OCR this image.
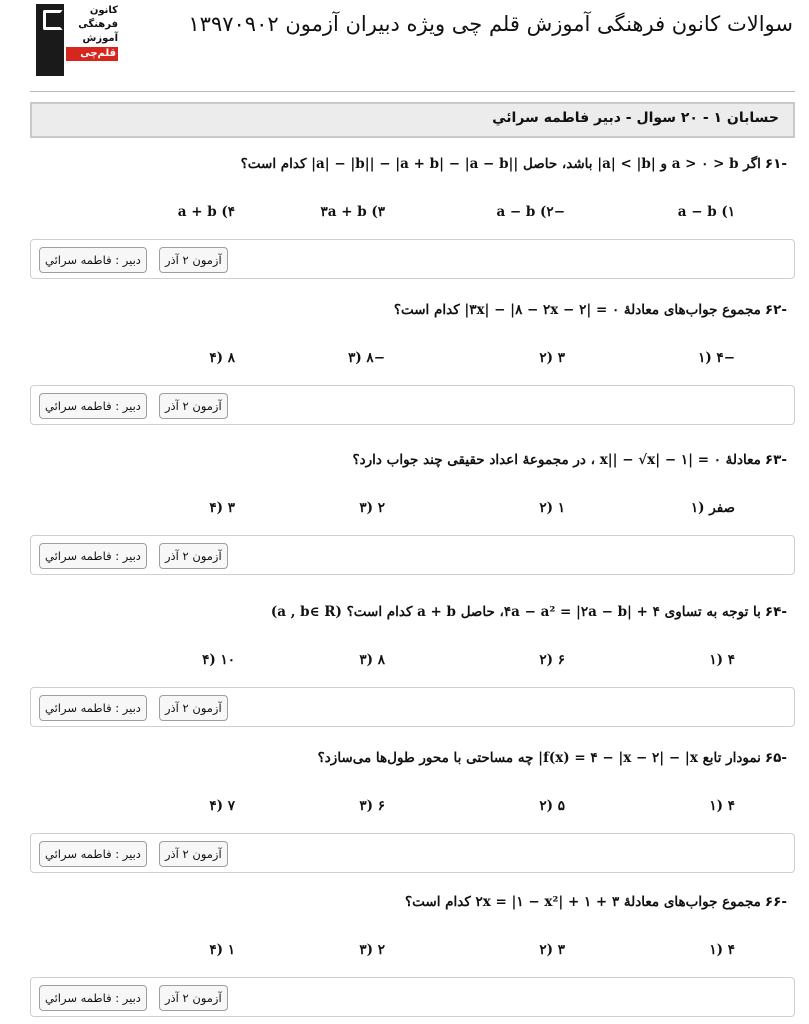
کانون
فرهنگی
آموزش
قلم‌چی
سوالات کانون فرهنگی آموزش قلم چی ویژه دبیران آزمون ۱۳۹۷۰۹۰۲
حسابان ۱ - ۲۰ سوال - دبیر فاطمه سرائي
-۶۱اگر a > ۰ > b و |a| < |b| باشد، حاصل ||a| − |b|| − |a + b| − |a − b| کدام است؟
a − b (۱
−a − b (۲
۳a + b (۳
a + b (۴
دبیر : فاطمه سرائي	آزمون ۲ آذر
-۶۲مجموع جواب‌های معادلهٔ ۰ = |۲ − ۳x| − |۸ − ۲x| کدام است؟
−۴ (۱
۳ (۲
−۸ (۳
۸ (۴
دبیر : فاطمه سرائي	آزمون ۲ آذر
-۶۳معادلهٔ ۰ = |۱ − |x|| − √x ، در مجموعهٔ اعداد حقیقی چند جواب دارد؟
صفر (۱
۱ (۲
۲ (۳
۳ (۴
دبیر : فاطمه سرائي	آزمون ۲ آذر
-۶۴با توجه به تساوی ۴a − a² = |۲a − b| + ۴، حاصل a + b کدام است؟ (a , b∈ R)
۴ (۱
۶ (۲
۸ (۳
۱۰ (۴
دبیر : فاطمه سرائي	آزمون ۲ آذر
-۶۵نمودار تابع f(x) = ۴ − |x − ۲| − |x| چه مساحتی با محور طول‌ها می‌سازد؟
۴ (۱
۵ (۲
۶ (۳
۷ (۴
دبیر : فاطمه سرائي	آزمون ۲ آذر
-۶۶مجموع جواب‌های معادلهٔ ۳ + ۲x = |۱ − x²| + ۱ کدام است؟
۴ (۱
۳ (۲
۲ (۳
۱ (۴
دبیر : فاطمه سرائي	آزمون ۲ آذر
